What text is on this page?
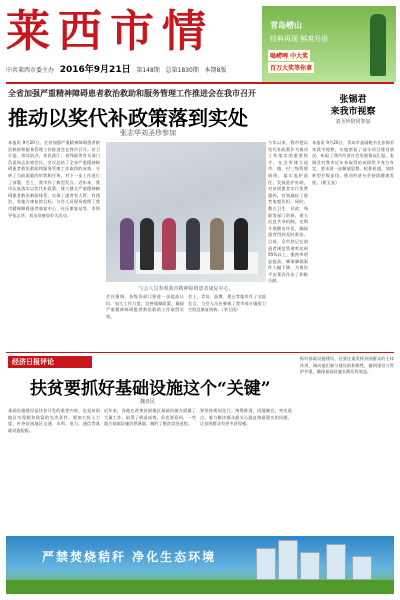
莱西市情
中共莱西市委主办 2016年9月21日 第148期 总第1830期 本期8版
青岛崂山
经典再现 鲜爽升级
喝崂啤 中大奖
百万大奖等你拿
全省加强严重精神障碍患者救治救助和服务管理工作推进会在我市召开
推动以奖代补政策落到实处
张志华刘圣珍参加
张锡君
来我市视察
刘圣珍陪同参加
本报讯 9月20日，全省加强严重精神障碍患者救治救助和服务管理工作推进会在我市召开。省卫计委、省综治办、省民政厅、省残联等有关部门负责同志出席会议。会议总结了全省严重精神障碍患者救治救助和服务管理工作取得的成效，分析了当前面临的形势和任务，对下一步工作进行了部署。会上，我市作了典型发言。近年来，我市认真落实以奖代补政策，建立健全严重精神障碍患者救治救助体系，实现了患者有人管、有钱治、有地方康复的目标。与会人员现场观摩了我市精神障碍患者康复中心、社区康复站等。市领导张志华、刘圣珍参加有关活动。
与会人员参观我市精神障碍患者康复中心。
会议强调，各级各部门要进一步提高认识，加大工作力度，完善保障政策，确保严重精神障碍患者救治救助工作取得实效。
会上，青岛、淄博、烟台等地市作了交流发言。与会人员还参观了我市部分镇街卫生院及康复机构。（李卫国）
今年以来，我市把以奖代补政策作为推动工作落实的重要抓手，在全市建立起市、镇、村三级管理网络，落实监护责任，发放监护补助，对贫困患者实行免费服药，有效减轻了患者家庭负担。同时，整合卫生、民政、残联等部门资源，建立信息共享机制，定期开展随访评估，确保患者得到及时救治。目前，全市登记在册患者规范管理率达到95%以上，服药率明显提高，肇事肇祸案件大幅下降，为建设平安莱西作出了积极贡献。
本报讯 9月20日，青岛市委副秘书长张锡君来我市视察，实地察看了部分项目建设情况，听取了我市经济社会发展情况汇报。张锡君对我市近年来取得的成绩给予充分肯定，要求进一步解放思想、抢抓机遇，加快转型升级步伐，推动经济社会持续健康发展。（崔玉亮）
经济日报评论
扶贫要抓好基础设施这个“关键”
魏亚民
基础设施建设是扶贫开发的重要内容，也是贫困地区实现脱贫致富的先决条件。要加大投入力度，补齐贫困地区交通、水利、电力、通信等基础设施短板。
近年来，各地在改善贫困地区基础设施方面做了大量工作，取得了明显成效。但也要看到，一些地方基础设施仍然薄弱，制约了脱贫攻坚进程。
要坚持规划先行，统筹推进，因地制宜，突出重点，着力解决群众最关心最直接最现实的问题，让贫困群众有更多获得感。
抓好基础设施建设，还要注重发挥贫困群众的主体作用，调动他们参与建设的积极性，做到建设与管护并重，确保基础设施长期发挥效益。
严禁焚烧秸秆 净化生态环境
